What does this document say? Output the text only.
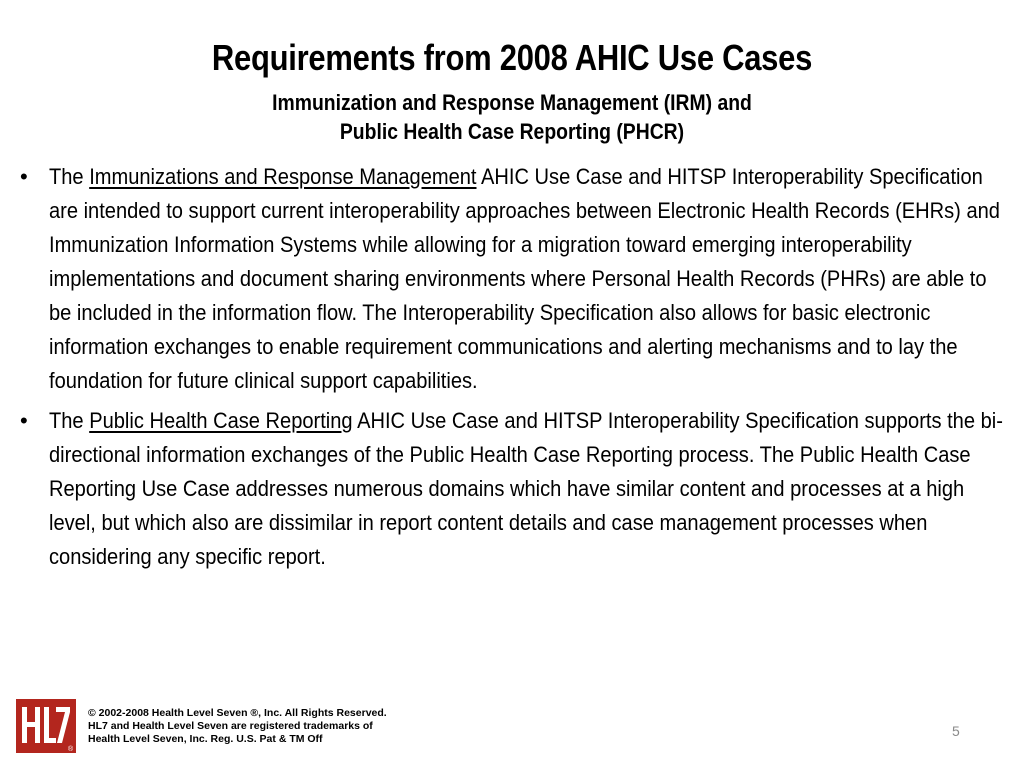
Requirements from 2008 AHIC Use Cases
Immunization and Response Management (IRM) and
Public Health Case Reporting (PHCR)
• The Immunizations and Response Management AHIC Use Case and HITSP Interoperability Specification are intended to support current interoperability approaches between Electronic Health Records (EHRs) and Immunization Information Systems while allowing for a migration toward emerging interoperability implementations and document sharing environments where Personal Health Records (PHRs) are able to be included in the information flow. The Interoperability Specification also allows for basic electronic information exchanges to enable requirement communications and alerting mechanisms and to lay the foundation for future clinical support capabilities.
• The Public Health Case Reporting AHIC Use Case and HITSP Interoperability Specification supports the bi-directional information exchanges of the Public Health Case Reporting process. The Public Health Case Reporting Use Case addresses numerous domains which have similar content and processes at a high level, but which also are dissimilar in report content details and case management processes when considering any specific report.
®
© 2002-2008 Health Level Seven ®, Inc. All Rights Reserved.
HL7 and Health Level Seven are registered trademarks of
Health Level Seven, Inc. Reg. U.S. Pat & TM Off	5
